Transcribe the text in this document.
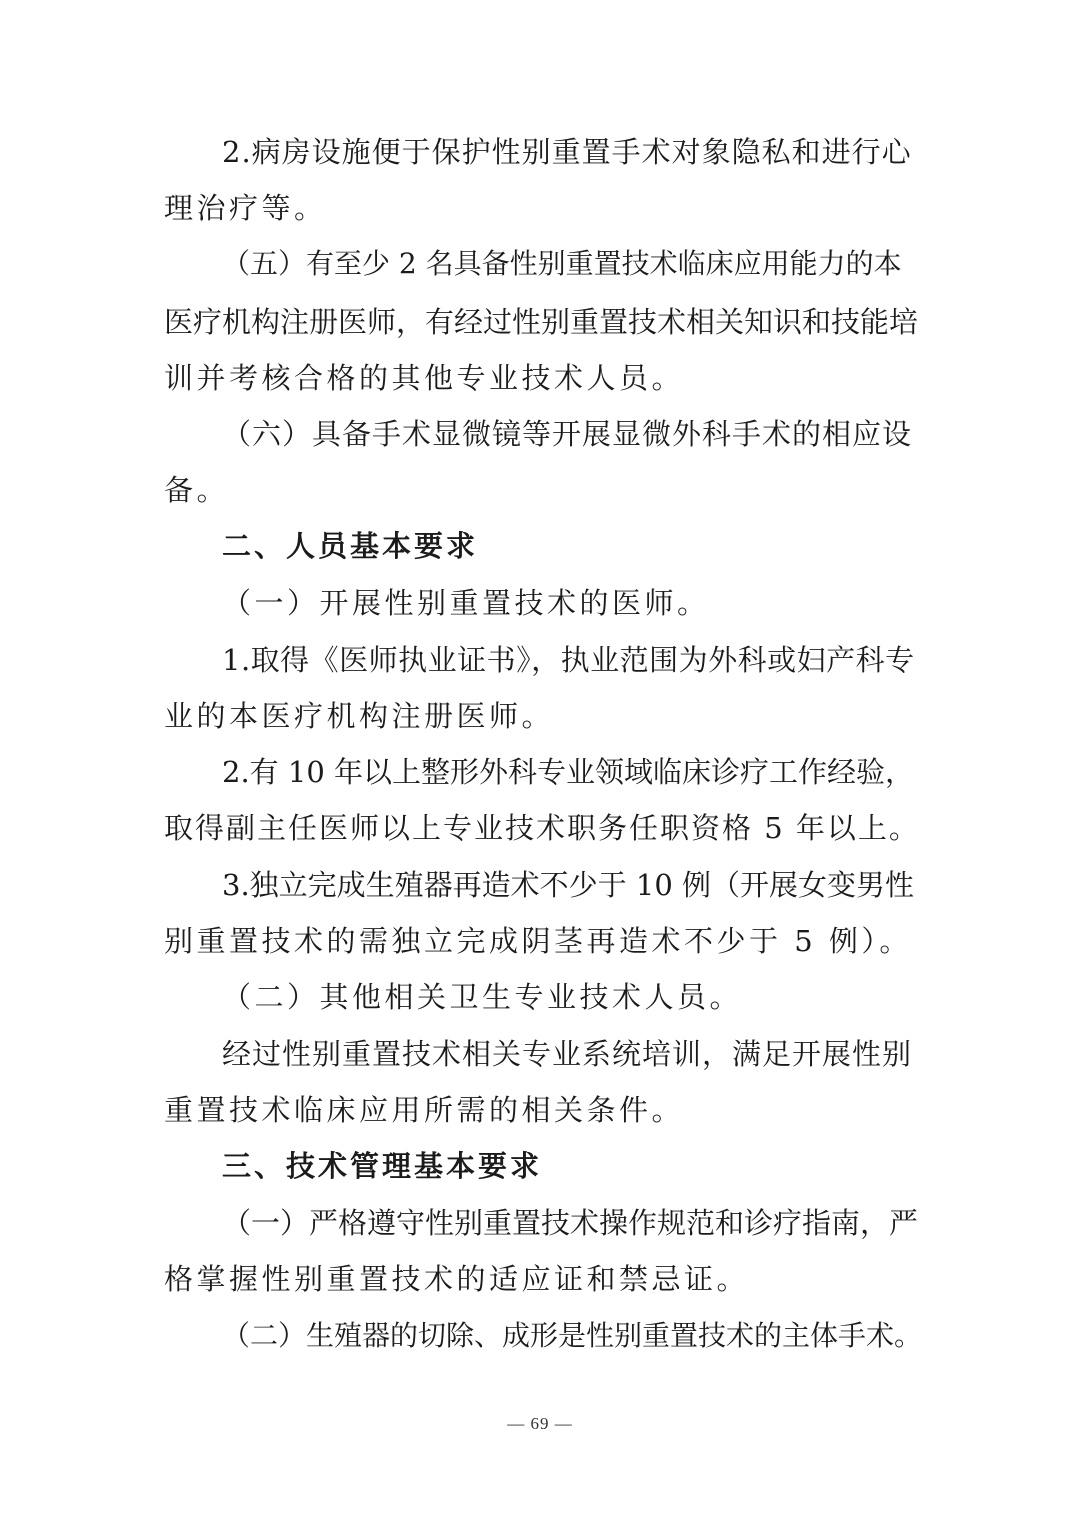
2.病房设施便于保护性别重置手术对象隐私和进行心
理治疗等。
（五）有至少 2 名具备性别重置技术临床应用能力的本
医疗机构注册医师，有经过性别重置技术相关知识和技能培
训并考核合格的其他专业技术人员。
（六）具备手术显微镜等开展显微外科手术的相应设
备。
二、人员基本要求
（一）开展性别重置技术的医师。
1.取得《医师执业证书》，执业范围为外科或妇产科专
业的本医疗机构注册医师。
2.有 10 年以上整形外科专业领域临床诊疗工作经验，
取得副主任医师以上专业技术职务任职资格 5 年以上。
3.独立完成生殖器再造术不少于 10 例（开展女变男性
别重置技术的需独立完成阴茎再造术不少于 5 例）。
（二）其他相关卫生专业技术人员。
经过性别重置技术相关专业系统培训，满足开展性别
重置技术临床应用所需的相关条件。
三、技术管理基本要求
（一）严格遵守性别重置技术操作规范和诊疗指南，严
格掌握性别重置技术的适应证和禁忌证。
（二）生殖器的切除、成形是性别重置技术的主体手术。
— 69 —
